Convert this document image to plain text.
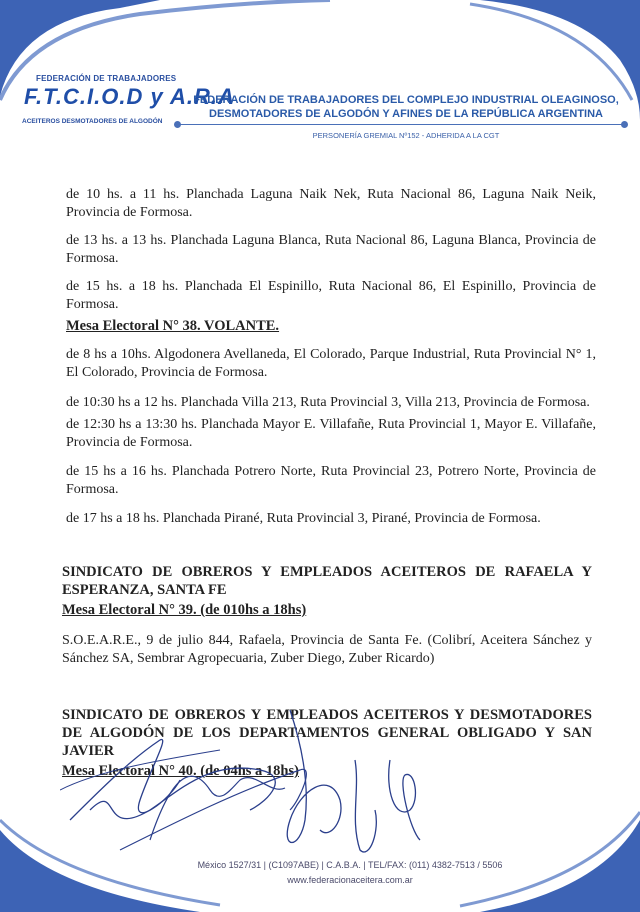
FEDERACIÓN DE TRABAJADORES
F.T.C.I.O.D y A.R.A
ACEITEROS DESMOTADORES DE ALGODÓN
FEDERACIÓN DE TRABAJADORES DEL COMPLEJO INDUSTRIAL OLEAGINOSO,
DESMOTADORES DE ALGODÓN Y AFINES DE LA REPÚBLICA ARGENTINA
PERSONERÍA GREMIAL Nº152 - ADHERIDA A LA CGT
de 10 hs. a 11 hs. Planchada Laguna Naik Nek, Ruta Nacional 86, Laguna Naik Neik, Provincia de Formosa.
de 13 hs. a 13 hs. Planchada Laguna Blanca, Ruta Nacional 86, Laguna Blanca, Provincia de Formosa.
de 15 hs. a 18 hs. Planchada El Espinillo, Ruta Nacional 86, El Espinillo, Provincia de Formosa.
Mesa Electoral N° 38. VOLANTE.
de 8 hs a 10hs. Algodonera Avellaneda, El Colorado, Parque Industrial, Ruta Provincial N° 1, El Colorado, Provincia de Formosa.
de 10:30 hs a 12 hs. Planchada Villa 213, Ruta Provincial 3, Villa 213, Provincia de Formosa.
de 12:30 hs a 13:30 hs. Planchada Mayor E. Villafañe, Ruta Provincial 1, Mayor E. Villafañe, Provincia de Formosa.
de 15 hs a 16 hs. Planchada Potrero Norte, Ruta Provincial 23, Potrero Norte, Provincia de Formosa.
de 17 hs a 18 hs. Planchada Pirané, Ruta Provincial 3, Pirané, Provincia de Formosa.
SINDICATO DE OBREROS Y EMPLEADOS ACEITEROS DE RAFAELA Y ESPERANZA, SANTA FE
Mesa Electoral N° 39. (de 010hs a 18hs)
S.O.E.A.R.E., 9 de julio 844, Rafaela, Provincia de Santa Fe. (Colibrí, Aceitera Sánchez y Sánchez SA, Sembrar Agropecuaria, Zuber Diego, Zuber Ricardo)
SINDICATO DE OBREROS Y EMPLEADOS ACEITEROS Y DESMOTADORES DE ALGODÓN DE LOS DEPARTAMENTOS GENERAL OBLIGADO Y SAN JAVIER
Mesa Electoral N° 40. (de 04hs a 18hs)
México 1527/31 | (C1097ABE) | C.A.B.A. | TEL/FAX: (011) 4382-7513 / 5506
www.federacionaceitera.com.ar
